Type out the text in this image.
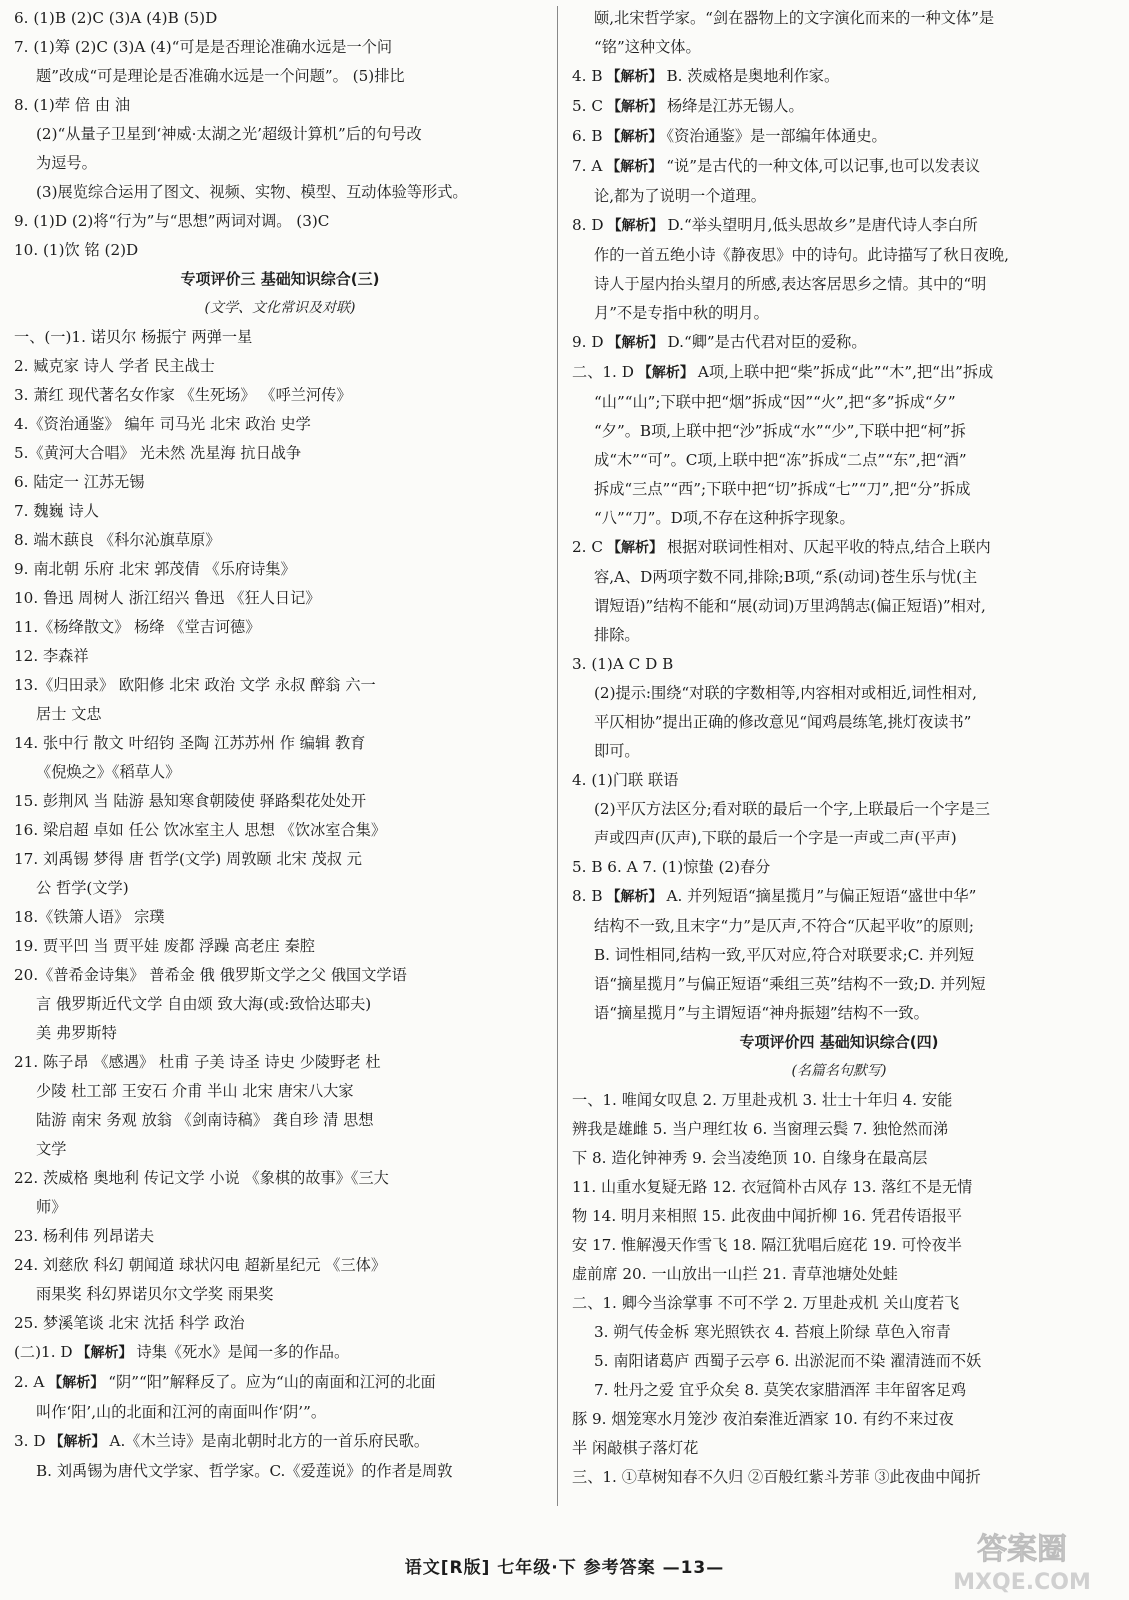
6. (1)B (2)C (3)A (4)B (5)D
7. (1)筹 (2)C (3)A (4)“可是是否理论准确水远是一个问
题”改成“可是理论是否准确水远是一个问题”。 (5)排比
8. (1)荦 倍 由 油
(2)“从量子卫星到‘神威·太湖之光’超级计算机”后的句号改
为逗号。
(3)展览综合运用了图文、视频、实物、模型、互动体验等形式。
9. (1)D (2)将“行为”与“思想”两词对调。 (3)C
10. (1)饮 铭 (2)D
专项评价三 基础知识综合(三)
(文学、文化常识及对联)
一、(一)1. 诺贝尔 杨振宁 两弹一星
2. 臧克家 诗人 学者 民主战士
3. 萧红 现代著名女作家 《生死场》 《呼兰河传》
4.《资治通鉴》 编年 司马光 北宋 政治 史学
5.《黄河大合唱》 光未然 冼星海 抗日战争
6. 陆定一 江苏无锡
7. 魏巍 诗人
8. 端木蕻良 《科尔沁旗草原》
9. 南北朝 乐府 北宋 郭茂倩 《乐府诗集》
10. 鲁迅 周树人 浙江绍兴 鲁迅 《狂人日记》
11.《杨绛散文》 杨绛 《堂吉诃德》
12. 李森祥
13.《归田录》 欧阳修 北宋 政治 文学 永叔 醉翁 六一
居士 文忠
14. 张中行 散文 叶绍钧 圣陶 江苏苏州 作 编辑 教育
《倪焕之》《稻草人》
15. 彭荆风 当 陆游 悬知寒食朝陵使 驿路梨花处处开
16. 梁启超 卓如 任公 饮冰室主人 思想 《饮冰室合集》
17. 刘禹锡 梦得 唐 哲学(文学) 周敦颐 北宋 茂叔 元
公 哲学(文学)
18.《铁箫人语》 宗璞
19. 贾平凹 当 贾平娃 废都 浮躁 高老庄 秦腔
20.《普希金诗集》 普希金 俄 俄罗斯文学之父 俄国文学语
言 俄罗斯近代文学 自由颂 致大海(或:致恰达耶夫)
美 弗罗斯特
21. 陈子昂 《感遇》 杜甫 子美 诗圣 诗史 少陵野老 杜
少陵 杜工部 王安石 介甫 半山 北宋 唐宋八大家
陆游 南宋 务观 放翁 《剑南诗稿》 龚自珍 清 思想
文学
22. 茨威格 奥地利 传记文学 小说 《象棋的故事》《三大
师》
23. 杨利伟 列昂诺夫
24. 刘慈欣 科幻 朝闻道 球状闪电 超新星纪元 《三体》
雨果奖 科幻界诺贝尔文学奖 雨果奖
25. 梦溪笔谈 北宋 沈括 科学 政治
(二)1. D 【解析】 诗集《死水》是闻一多的作品。
2. A 【解析】 “阴”“阳”解释反了。应为“山的南面和江河的北面
叫作‘阳’,山的北面和江河的南面叫作‘阴’”。
3. D 【解析】 A.《木兰诗》是南北朝时北方的一首乐府民歌。
B. 刘禹锡为唐代文学家、哲学家。C.《爱莲说》的作者是周敦
颐,北宋哲学家。“剑在器物上的文字演化而来的一种文体”是
“铭”这种文体。
4. B 【解析】 B. 茨威格是奥地利作家。
5. C 【解析】 杨绛是江苏无锡人。
6. B 【解析】 《资治通鉴》是一部编年体通史。
7. A 【解析】 “说”是古代的一种文体,可以记事,也可以发表议
论,都为了说明一个道理。
8. D 【解析】 D.“举头望明月,低头思故乡”是唐代诗人李白所
作的一首五绝小诗《静夜思》中的诗句。此诗描写了秋日夜晚,
诗人于屋内抬头望月的所感,表达客居思乡之情。其中的“明
月”不是专指中秋的明月。
9. D 【解析】 D.“卿”是古代君对臣的爱称。
二、1. D 【解析】 A项,上联中把“柴”拆成“此”“木”,把“出”拆成
“山”“山”;下联中把“烟”拆成“因”“火”,把“多”拆成“夕”
“夕”。B项,上联中把“沙”拆成“水”“少”,下联中把“柯”拆
成“木”“可”。C项,上联中把“冻”拆成“二点”“东”,把“酒”
拆成“三点”“西”;下联中把“切”拆成“七”“刀”,把“分”拆成
“八”“刀”。D项,不存在这种拆字现象。
2. C 【解析】 根据对联词性相对、仄起平收的特点,结合上联内
容,A、D两项字数不同,排除;B项,“系(动词)苍生乐与忧(主
谓短语)”结构不能和“展(动词)万里鸿鹄志(偏正短语)”相对,
排除。
3. (1)A C D B
(2)提示:围绕“对联的字数相等,内容相对或相近,词性相对,
平仄相协”提出正确的修改意见“闻鸡晨练笔,挑灯夜读书”
即可。
4. (1)门联 联语
(2)平仄方法区分;看对联的最后一个字,上联最后一个字是三
声或四声(仄声),下联的最后一个字是一声或二声(平声)
5. B 6. A 7. (1)惊蛰 (2)春分
8. B 【解析】 A. 并列短语“摘星揽月”与偏正短语“盛世中华”
结构不一致,且末字“力”是仄声,不符合“仄起平收”的原则;
B. 词性相同,结构一致,平仄对应,符合对联要求;C. 并列短
语“摘星揽月”与偏正短语“乘组三英”结构不一致;D. 并列短
语“摘星揽月”与主谓短语“神舟振翅”结构不一致。
专项评价四 基础知识综合(四)
(名篇名句默写)
一、1. 唯闻女叹息 2. 万里赴戎机 3. 壮士十年归 4. 安能
辨我是雄雌 5. 当户理红妆 6. 当窗理云鬓 7. 独怆然而涕
下 8. 造化钟神秀 9. 会当凌绝顶 10. 自缘身在最高层
11. 山重水复疑无路 12. 衣冠简朴古风存 13. 落红不是无情
物 14. 明月来相照 15. 此夜曲中闻折柳 16. 凭君传语报平
安 17. 惟解漫天作雪飞 18. 隔江犹唱后庭花 19. 可怜夜半
虚前席 20. 一山放出一山拦 21. 青草池塘处处蛙
二、1. 卿今当涂掌事 不可不学 2. 万里赴戎机 关山度若飞
3. 朔气传金柝 寒光照铁衣 4. 苔痕上阶绿 草色入帘青
5. 南阳诸葛庐 西蜀子云亭 6. 出淤泥而不染 濯清涟而不妖
7. 牡丹之爱 宜乎众矣 8. 莫笑农家腊酒浑 丰年留客足鸡
豚 9. 烟笼寒水月笼沙 夜泊秦淮近酒家 10. 有约不来过夜
半 闲敲棋子落灯花
三、1. ①草树知春不久归 ②百般红紫斗芳菲 ③此夜曲中闻折
语文[R版] 七年级·下 参考答案 —13—
答案圈
MXQE.COM
